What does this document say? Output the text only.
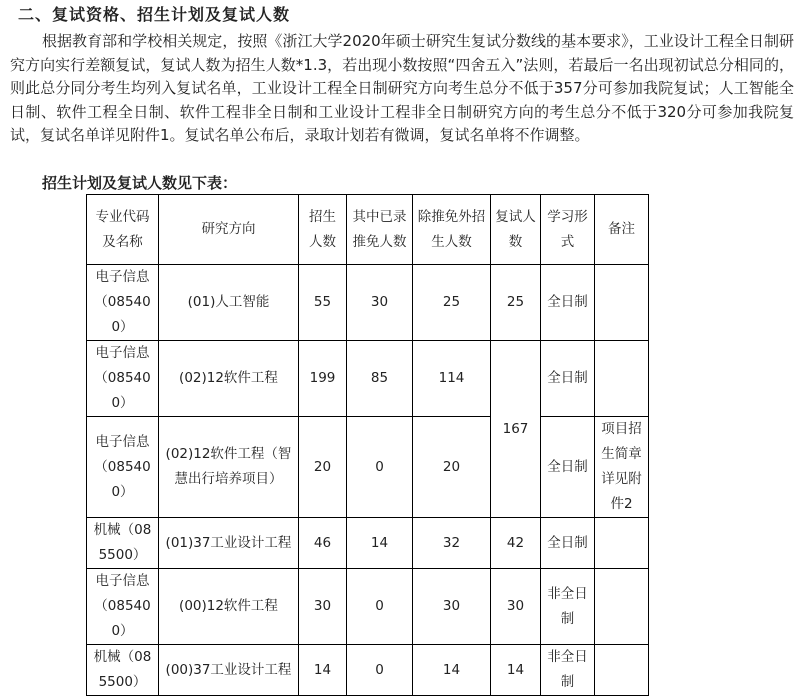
二、复试资格、招生计划及复试人数

根据教育部和学校相关规定，按照《浙江大学2020年硕士研究生复试分数线的基本要求》，工业设计工程全日制研究方向实行差额复试，复试人数为招生人数*1.3，若出现小数按照“四舍五入”法则，若最后一名出现初试总分相同的，则此总分同分考生均列入复试名单，工业设计工程全日制研究方向考生总分不低于357分可参加我院复试；人工智能全日制、软件工程全日制、软件工程非全日制和工业设计工程非全日制研究方向的考生总分不低于320分可参加我院复试，复试名单详见附件1。复试名单公布后，录取计划若有微调，复试名单将不作调整。

招生计划及复试人数见下表：
专业代码及名称	研究方向	招生人数	其中已录推免人数	除推免外招生人数	复试人数	学习形式	备注
电子信息（085400）	(01)人工智能	55	30	25	25	全日制	
电子信息（085400）	(02)12软件工程	199	85	114	167	全日制	
电子信息（085400）	(02)12软件工程（智慧出行培养项目）	20	0	20		全日制	项目招生简章详见附件2
机械（085500）	(01)37工业设计工程	46	14	32	42	全日制	
电子信息（085400）	(00)12软件工程	30	0	30	30	非全日制	
机械（085500）	(00)37工业设计工程	14	0	14	14	非全日制	
